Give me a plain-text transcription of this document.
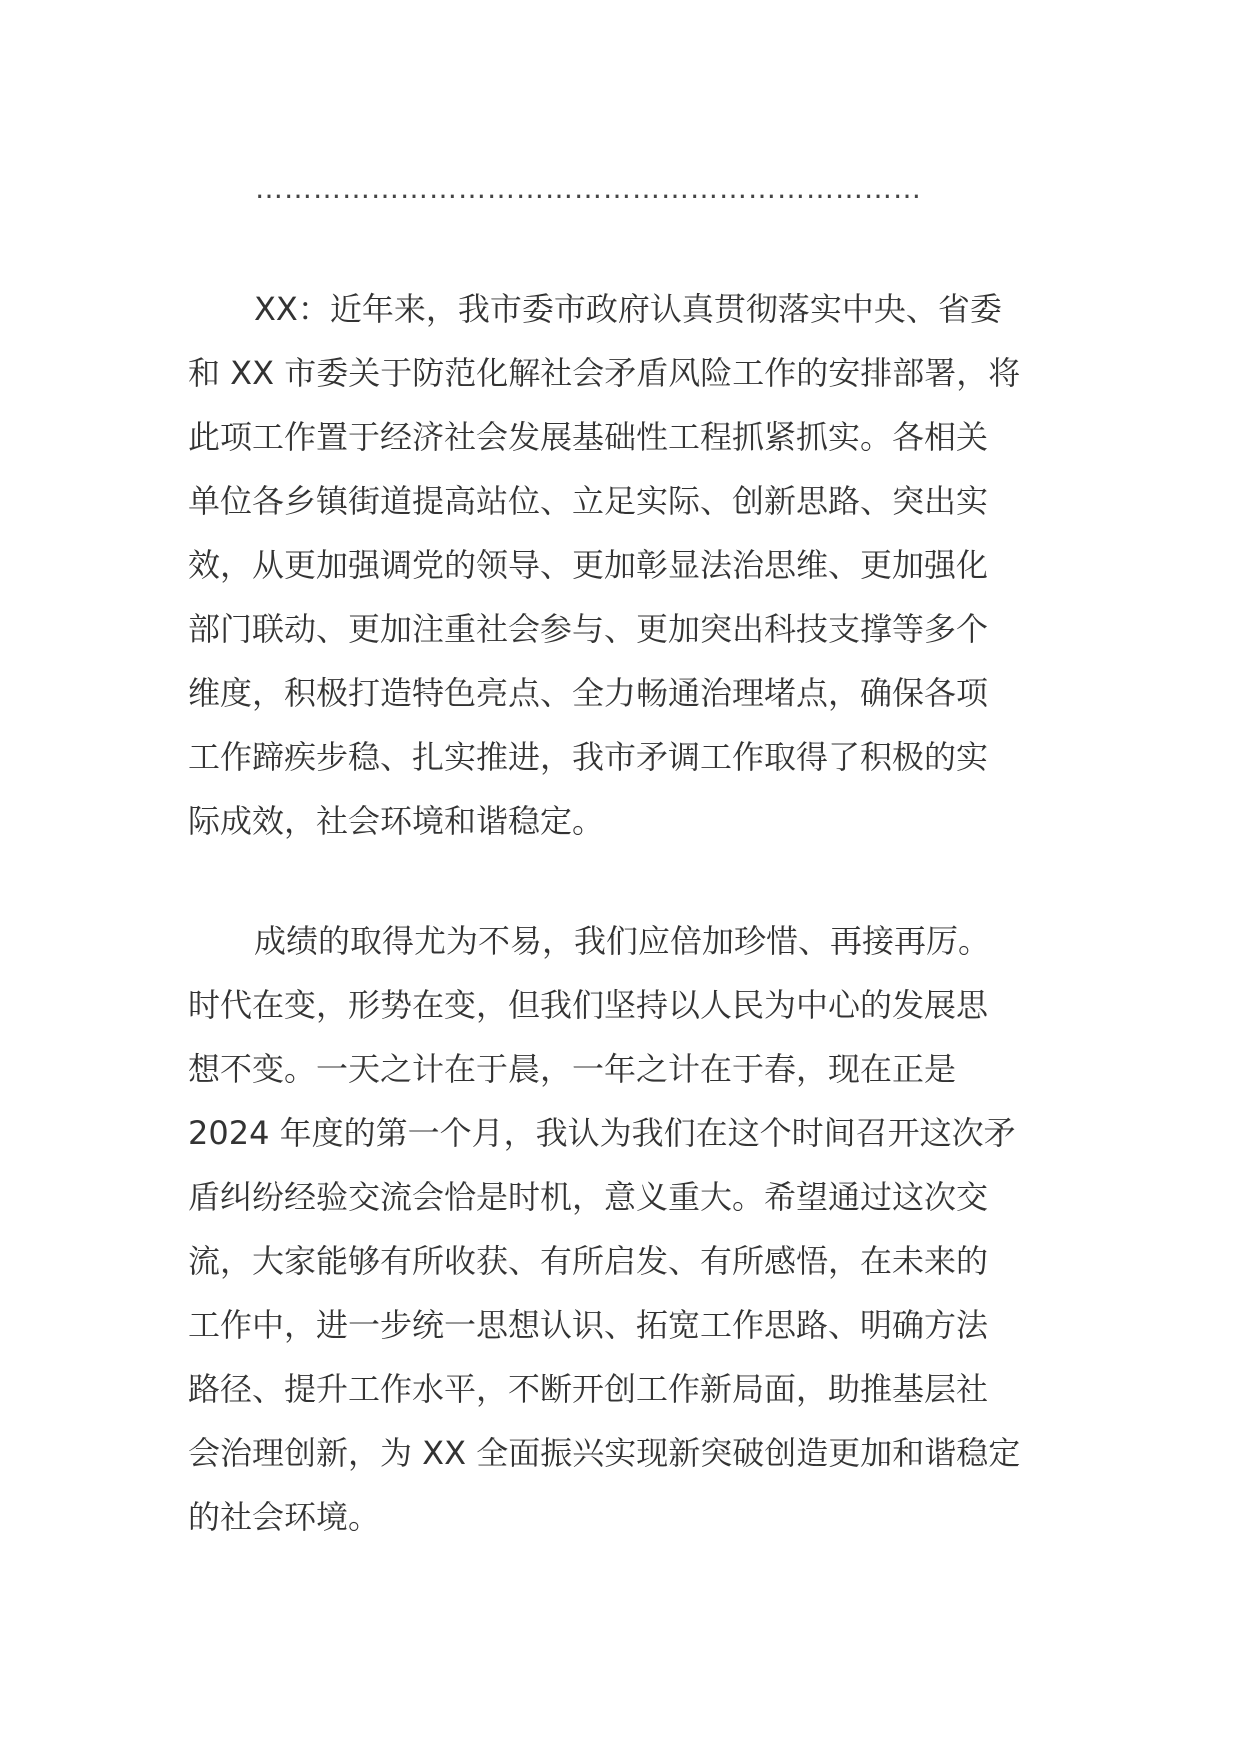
……………………………………………………………
XX：近年来，我市委市政府认真贯彻落实中央、省委
和 XX 市委关于防范化解社会矛盾风险工作的安排部署，将
此项工作置于经济社会发展基础性工程抓紧抓实。各相关
单位各乡镇街道提高站位、立足实际、创新思路、突出实
效，从更加强调党的领导、更加彰显法治思维、更加强化
部门联动、更加注重社会参与、更加突出科技支撑等多个
维度，积极打造特色亮点、全力畅通治理堵点，确保各项
工作蹄疾步稳、扎实推进，我市矛调工作取得了积极的实
际成效，社会环境和谐稳定。
成绩的取得尤为不易，我们应倍加珍惜、再接再厉。
时代在变，形势在变，但我们坚持以人民为中心的发展思
想不变。一天之计在于晨，一年之计在于春，现在正是
2024 年度的第一个月，我认为我们在这个时间召开这次矛
盾纠纷经验交流会恰是时机，意义重大。希望通过这次交
流，大家能够有所收获、有所启发、有所感悟，在未来的
工作中，进一步统一思想认识、拓宽工作思路、明确方法
路径、提升工作水平，不断开创工作新局面，助推基层社
会治理创新，为 XX 全面振兴实现新突破创造更加和谐稳定
的社会环境。
